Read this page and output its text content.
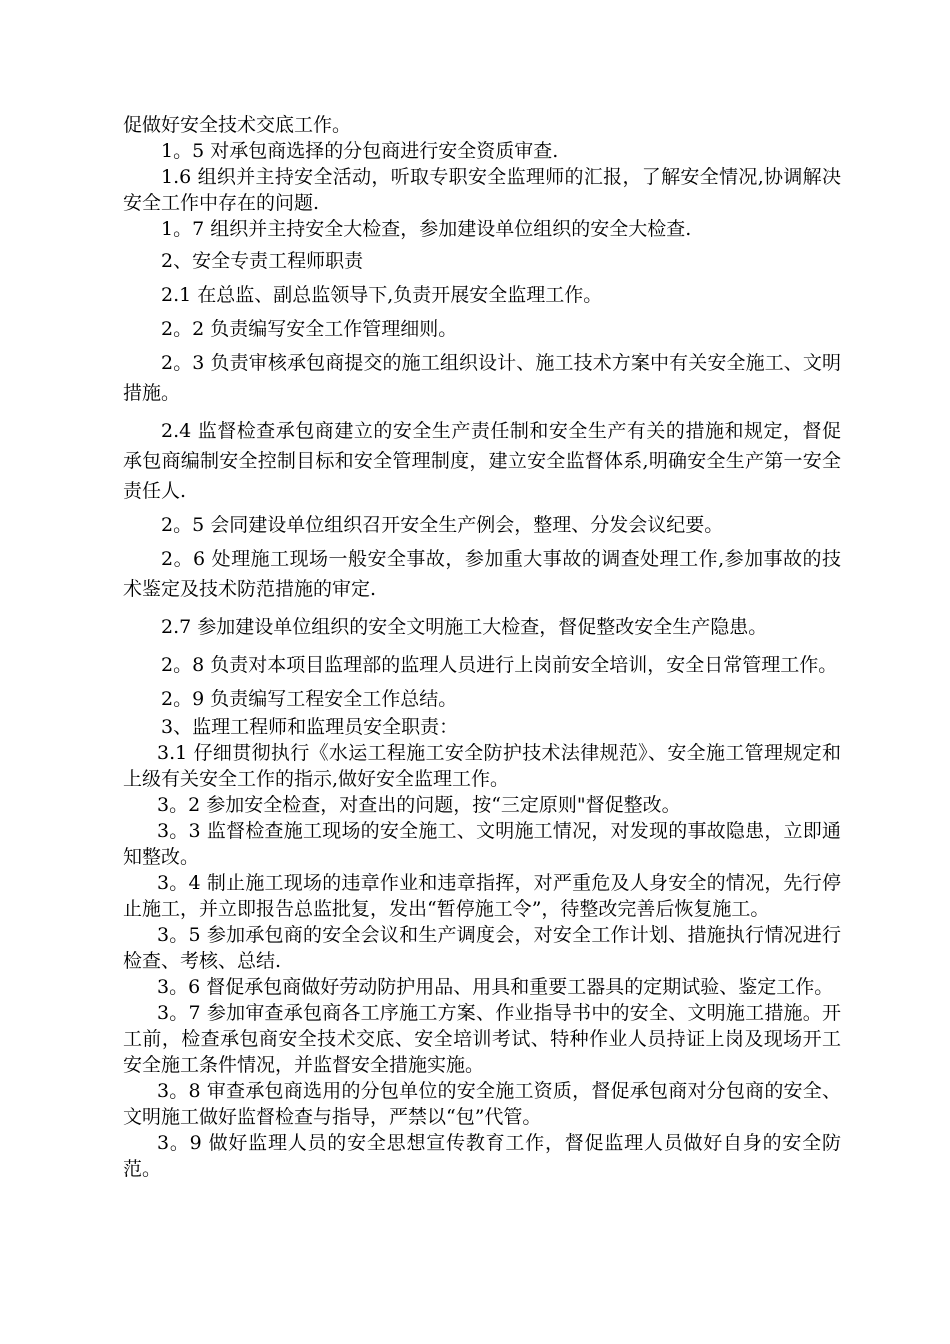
促做好安全技术交底工作。

1。5 对承包商选择的分包商进行安全资质审查.

1.6 组织并主持安全活动，听取专职安全监理师的汇报，了解安全情况,协调解决安全工作中存在的问题.

1。7 组织并主持安全大检查，参加建设单位组织的安全大检查.

2、安全专责工程师职责

2.1 在总监、副总监领导下,负责开展安全监理工作。

2。2 负责编写安全工作管理细则。

2。3 负责审核承包商提交的施工组织设计、施工技术方案中有关安全施工、文明措施。

2.4 监督检查承包商建立的安全生产责任制和安全生产有关的措施和规定，督促承包商编制安全控制目标和安全管理制度，建立安全监督体系,明确安全生产第一安全责任人.

2。5 会同建设单位组织召开安全生产例会，整理、分发会议纪要。

2。6 处理施工现场一般安全事故，参加重大事故的调查处理工作,参加事故的技术鉴定及技术防范措施的审定.

2.7 参加建设单位组织的安全文明施工大检查，督促整改安全生产隐患。

2。8 负责对本项目监理部的监理人员进行上岗前安全培训，安全日常管理工作。

2。9 负责编写工程安全工作总结。

3、监理工程师和监理员安全职责：

3.1 仔细贯彻执行《水运工程施工安全防护技术法律规范》、安全施工管理规定和上级有关安全工作的指示,做好安全监理工作。

3。2 参加安全检查，对查出的问题，按“三定原则"督促整改。

3。3 监督检查施工现场的安全施工、文明施工情况，对发现的事故隐患，立即通知整改。

3。4 制止施工现场的违章作业和违章指挥，对严重危及人身安全的情况，先行停止施工，并立即报告总监批复，发出“暂停施工令”，待整改完善后恢复施工。

3。5 参加承包商的安全会议和生产调度会，对安全工作计划、措施执行情况进行检查、考核、总结.

3。6 督促承包商做好劳动防护用品、用具和重要工器具的定期试验、鉴定工作。

3。7 参加审查承包商各工序施工方案、作业指导书中的安全、文明施工措施。开工前，检查承包商安全技术交底、安全培训考试、特种作业人员持证上岗及现场开工安全施工条件情况，并监督安全措施实施。

3。8 审查承包商选用的分包单位的安全施工资质，督促承包商对分包商的安全、文明施工做好监督检查与指导，严禁以“包”代管。

3。9 做好监理人员的安全思想宣传教育工作，督促监理人员做好自身的安全防范。
